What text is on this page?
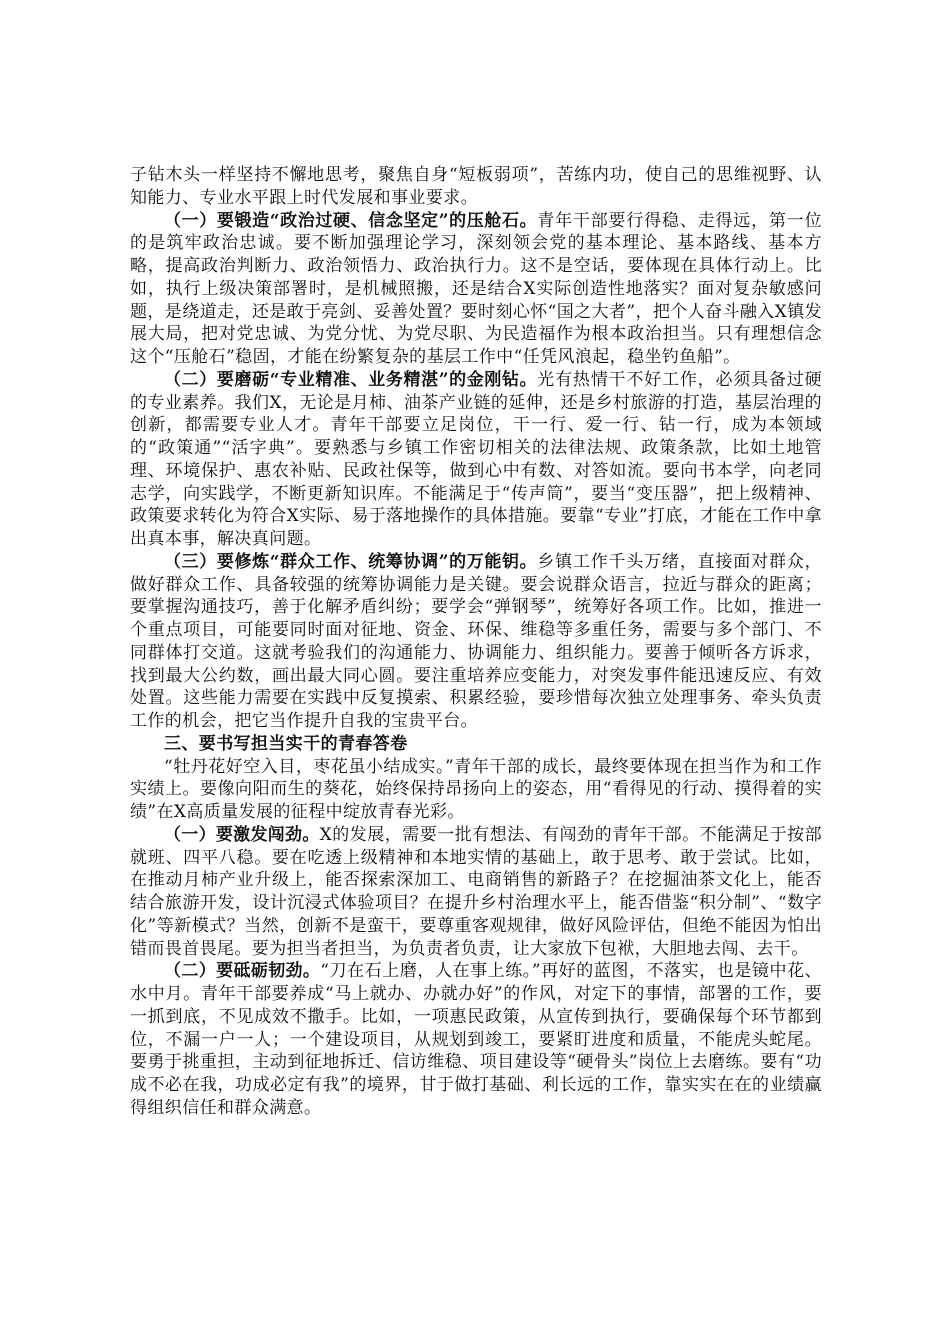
子钻木头一样坚持不懈地思考，聚焦自身“短板弱项”，苦练内功，使自己的思维视野、认知能力、专业水平跟上时代发展和事业要求。

（一）要锻造“政治过硬、信念坚定”的压舱石。青年干部要行得稳、走得远，第一位的是筑牢政治忠诚。要不断加强理论学习，深刻领会党的基本理论、基本路线、基本方略，提高政治判断力、政治领悟力、政治执行力。这不是空话，要体现在具体行动上。比如，执行上级决策部署时，是机械照搬，还是结合X实际创造性地落实？面对复杂敏感问题，是绕道走，还是敢于亮剑、妥善处置？要时刻心怀“国之大者”，把个人奋斗融入X镇发展大局，把对党忠诚、为党分忧、为党尽职、为民造福作为根本政治担当。只有理想信念这个“压舱石”稳固，才能在纷繁复杂的基层工作中“任凭风浪起，稳坐钓鱼船”。

（二）要磨砺“专业精准、业务精湛”的金刚钻。光有热情干不好工作，必须具备过硬的专业素养。我们X，无论是月柿、油茶产业链的延伸，还是乡村旅游的打造，基层治理的创新，都需要专业人才。青年干部要立足岗位，干一行、爱一行、钻一行，成为本领域的“政策通”“活字典”。要熟悉与乡镇工作密切相关的法律法规、政策条款，比如土地管理、环境保护、惠农补贴、民政社保等，做到心中有数、对答如流。要向书本学，向老同志学，向实践学，不断更新知识库。不能满足于“传声筒”，要当“变压器”，把上级精神、政策要求转化为符合X实际、易于落地操作的具体措施。要靠“专业”打底，才能在工作中拿出真本事，解决真问题。

（三）要修炼“群众工作、统筹协调”的万能钥。乡镇工作千头万绪，直接面对群众，做好群众工作、具备较强的统筹协调能力是关键。要会说群众语言，拉近与群众的距离；要掌握沟通技巧，善于化解矛盾纠纷；要学会“弹钢琴”，统筹好各项工作。比如，推进一个重点项目，可能要同时面对征地、资金、环保、维稳等多重任务，需要与多个部门、不同群体打交道。这就考验我们的沟通能力、协调能力、组织能力。要善于倾听各方诉求，找到最大公约数，画出最大同心圆。要注重培养应变能力，对突发事件能迅速反应、有效处置。这些能力需要在实践中反复摸索、积累经验，要珍惜每次独立处理事务、牵头负责工作的机会，把它当作提升自我的宝贵平台。

三、要书写担当实干的青春答卷

“牡丹花好空入目，枣花虽小结成实。”青年干部的成长，最终要体现在担当作为和工作实绩上。要像向阳而生的葵花，始终保持昂扬向上的姿态，用“看得见的行动、摸得着的实绩”在X高质量发展的征程中绽放青春光彩。

（一）要激发闯劲。X的发展，需要一批有想法、有闯劲的青年干部。不能满足于按部就班、四平八稳。要在吃透上级精神和本地实情的基础上，敢于思考、敢于尝试。比如，在推动月柿产业升级上，能否探索深加工、电商销售的新路子？在挖掘油茶文化上，能否结合旅游开发，设计沉浸式体验项目？在提升乡村治理水平上，能否借鉴“积分制”、“数字化”等新模式？当然，创新不是蛮干，要尊重客观规律，做好风险评估，但绝不能因为怕出错而畏首畏尾。要为担当者担当，为负责者负责，让大家放下包袱，大胆地去闯、去干。

（二）要砥砺韧劲。“刀在石上磨，人在事上练。”再好的蓝图，不落实，也是镜中花、水中月。青年干部要养成“马上就办、办就办好”的作风，对定下的事情，部署的工作，要一抓到底，不见成效不撒手。比如，一项惠民政策，从宣传到执行，要确保每个环节都到位，不漏一户一人；一个建设项目，从规划到竣工，要紧盯进度和质量，不能虎头蛇尾。要勇于挑重担，主动到征地拆迁、信访维稳、项目建设等“硬骨头”岗位上去磨练。要有“功成不必在我，功成必定有我”的境界，甘于做打基础、利长远的工作，靠实实在在的业绩赢得组织信任和群众满意。
